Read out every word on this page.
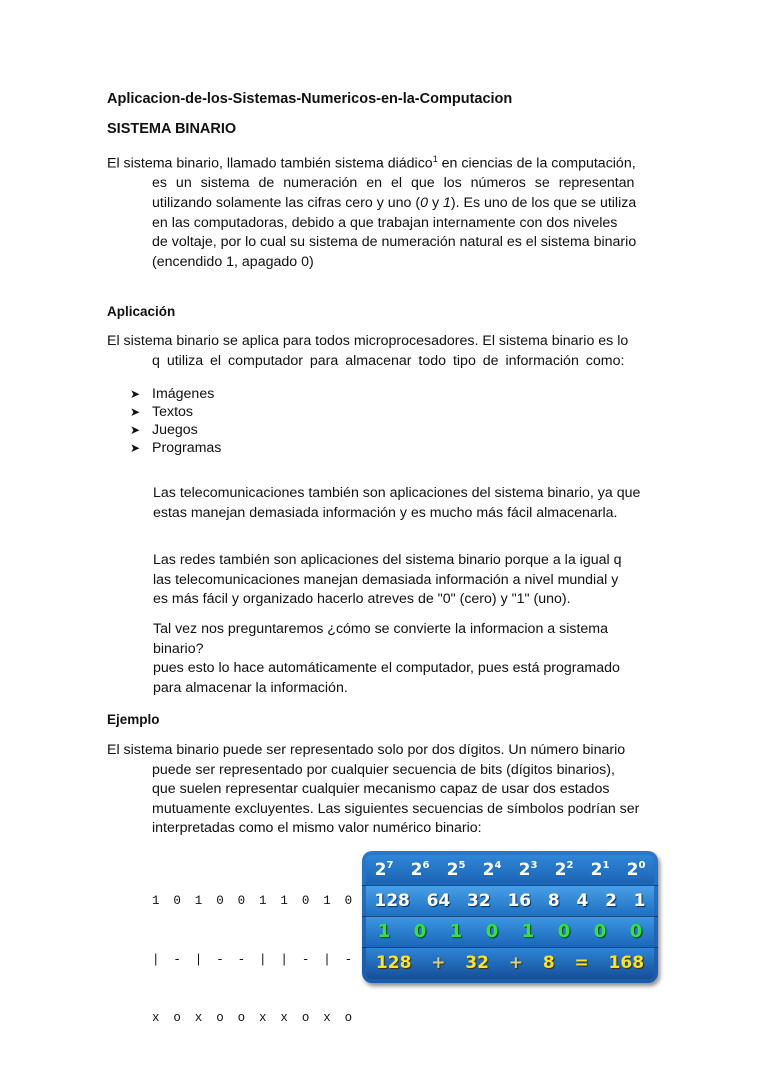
Aplicacion-de-los-Sistemas-Numericos-en-la-Computacion
SISTEMA BINARIO
El sistema binario, llamado también sistema diádico$^1$ en ciencias de la computación,
es un sistema de numeración en el que los números se representan
utilizando solamente las cifras cero y uno (0 y 1). Es uno de los que se utiliza
en las computadoras, debido a que trabajan internamente con dos niveles
de voltaje, por lo cual su sistema de numeración natural es el sistema binario
(encendido 1, apagado 0)
Aplicación
El sistema binario se aplica para todos microprocesadores. El sistema binario es lo
q utiliza el computador para almacenar todo tipo de información como:
➤ Imágenes
➤ Textos
➤ Juegos
➤ Programas
Las telecomunicaciones también son aplicaciones del sistema binario, ya que
estas manejan demasiada información y es mucho más fácil almacenarla.
Las redes también son aplicaciones del sistema binario porque a la igual q
las telecomunicaciones manejan demasiada información a nivel mundial y
es más fácil y organizado hacerlo atreves de "0" (cero) y "1" (uno).
Tal vez nos preguntaremos ¿cómo se convierte la informacion a sistema
binario?
pues esto lo hace automáticamente el computador, pues está programado
para almacenar la información.
Ejemplo
El sistema binario puede ser representado solo por dos dígitos. Un número binario
puede ser representado por cualquier secuencia de bits (dígitos binarios),
que suelen representar cualquier mecanismo capaz de usar dos estados
mutuamente excluyentes. Las siguientes secuencias de símbolos podrían ser
interpretadas como el mismo valor numérico binario:

1 0 1 0 0 1 1 0 1 0

| - | - - | | - | -

x o x o o x x o x o

$2^7$ $2^6$ $2^5$ $2^4$ $2^3$ $2^2$ $2^1$ $2^0$
128 64 32 16 8 4 2 1
1 0 1 0 1 0 0 0
128 + 32 + 8 = 168
